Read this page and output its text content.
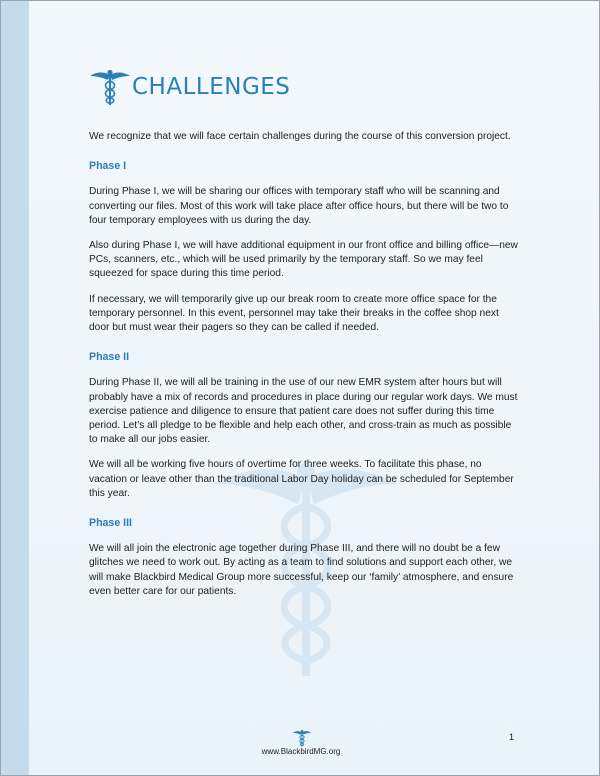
CHALLENGES

We recognize that we will face certain challenges during the course of this conversion project.

Phase I

During Phase I, we will be sharing our offices with temporary staff who will be scanning and converting our files. Most of this work will take place after office hours, but there will be two to four temporary employees with us during the day.

Also during Phase I, we will have additional equipment in our front office and billing office—new PCs, scanners, etc., which will be used primarily by the temporary staff. So we may feel squeezed for space during this time period.

If necessary, we will temporarily give up our break room to create more office space for the temporary personnel. In this event, personnel may take their breaks in the coffee shop next door but must wear their pagers so they can be called if needed.

Phase II

During Phase II, we will all be training in the use of our new EMR system after hours but will probably have a mix of records and procedures in place during our regular work days. We must exercise patience and diligence to ensure that patient care does not suffer during this time period. Let’s all pledge to be flexible and help each other, and cross-train as much as possible to make all our jobs easier.

We will all be working five hours of overtime for three weeks. To facilitate this phase, no vacation or leave other than the traditional Labor Day holiday can be scheduled for September this year.

Phase III

We will all join the electronic age together during Phase III, and there will no doubt be a few glitches we need to work out. By acting as a team to find solutions and support each other, we will make Blackbird Medical Group more successful, keep our ‘family’ atmosphere, and ensure even better care for our patients.

1
www.BlackbirdMG.org
